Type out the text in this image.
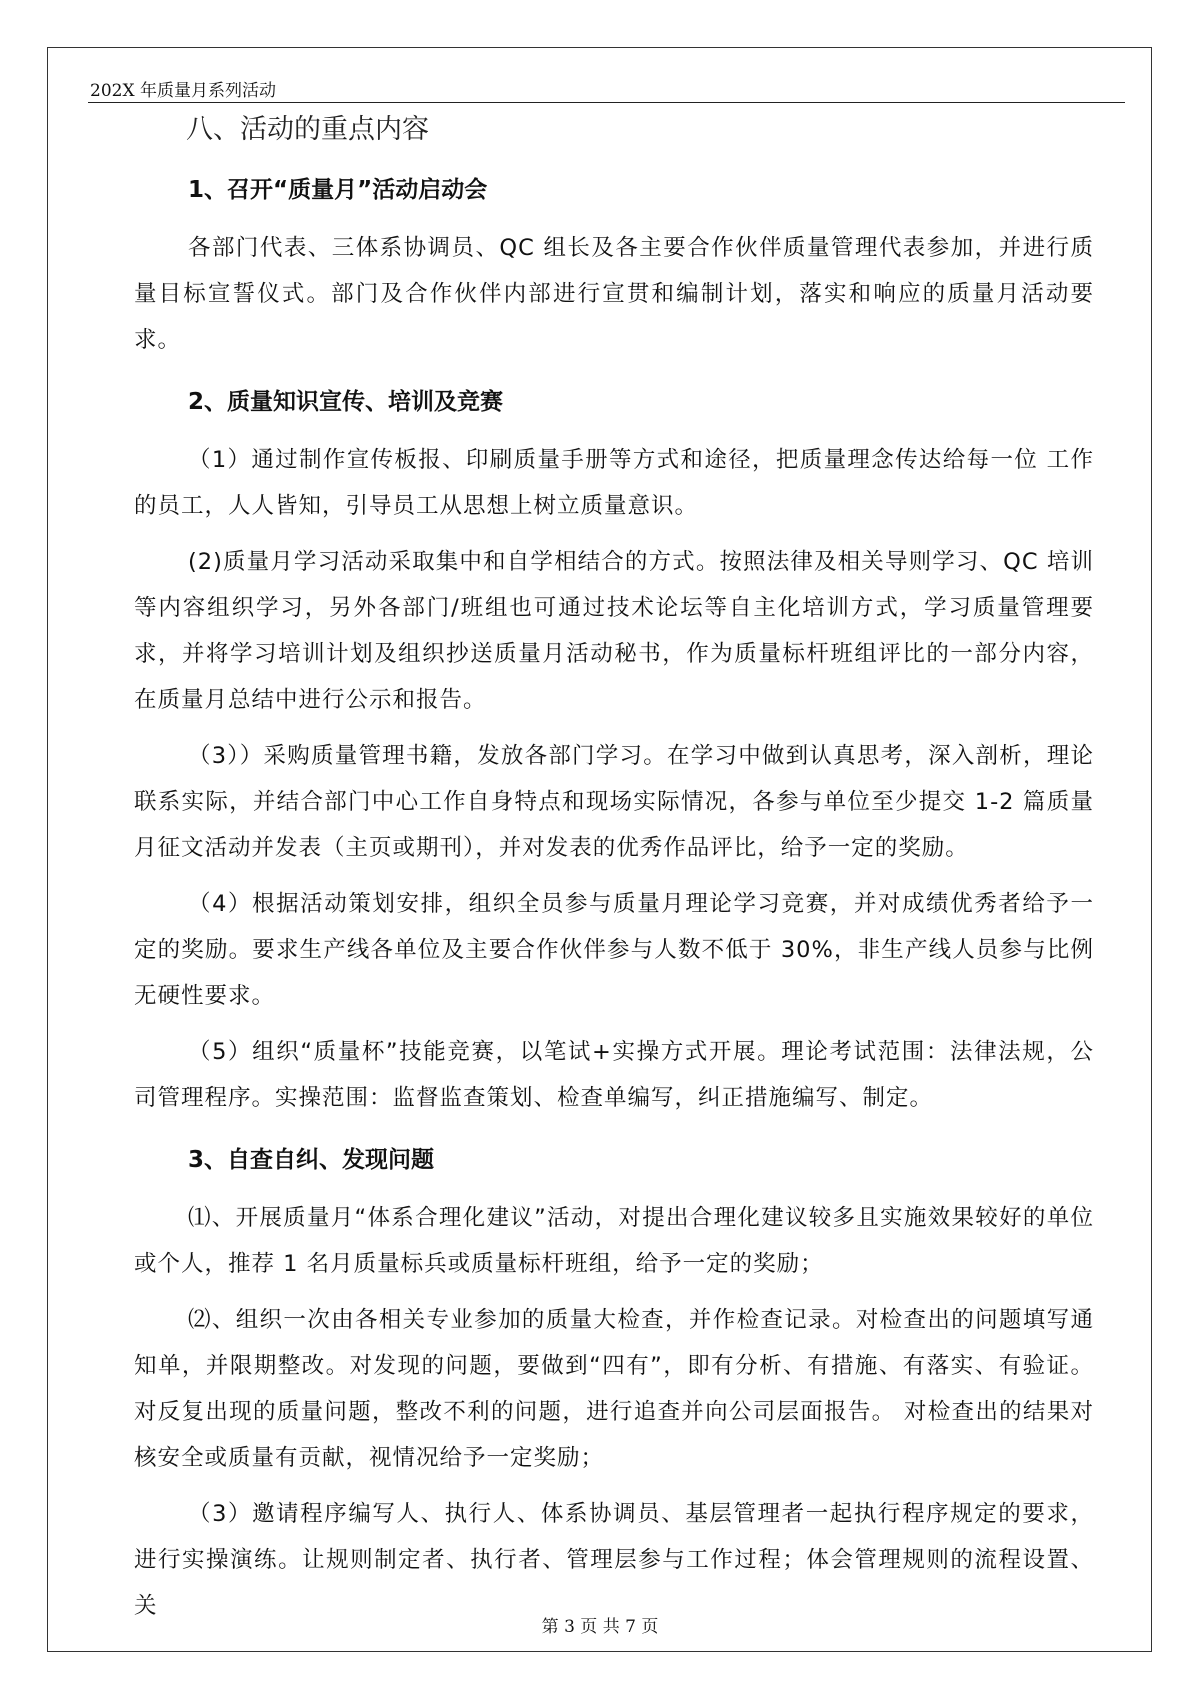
202X 年质量月系列活动
八、活动的重点内容
1、召开“质量月”活动启动会

各部门代表、三体系协调员、QC 组长及各主要合作伙伴质量管理代表参加，并进行质量目标宣誓仪式。部门及合作伙伴内部进行宣贯和编制计划，落实和响应的质量月活动要求。

2、质量知识宣传、培训及竞赛

（1）通过制作宣传板报、印刷质量手册等方式和途径，把质量理念传达给每一位 工作的员工，人人皆知，引导员工从思想上树立质量意识。

(2)质量月学习活动采取集中和自学相结合的方式。按照法律及相关导则学习、QC 培训等内容组织学习，另外各部门/班组也可通过技术论坛等自主化培训方式，学习质量管理要求，并将学习培训计划及组织抄送质量月活动秘书，作为质量标杆班组评比的一部分内容，在质量月总结中进行公示和报告。

（3））采购质量管理书籍，发放各部门学习。在学习中做到认真思考，深入剖析，理论联系实际，并结合部门中心工作自身特点和现场实际情况，各参与单位至少提交 1-2 篇质量月征文活动并发表（主页或期刊），并对发表的优秀作品评比，给予一定的奖励。

（4）根据活动策划安排，组织全员参与质量月理论学习竞赛，并对成绩优秀者给予一定的奖励。要求生产线各单位及主要合作伙伴参与人数不低于 30%，非生产线人员参与比例无硬性要求。

（5）组织“质量杯”技能竞赛，以笔试+实操方式开展。理论考试范围：法律法规，公司管理程序。实操范围：监督监查策划、检查单编写，纠正措施编写、制定。

3、自查自纠、发现问题

⑴、开展质量月“体系合理化建议”活动，对提出合理化建议较多且实施效果较好的单位或个人，推荐 1 名月质量标兵或质量标杆班组，给予一定的奖励；

⑵、组织一次由各相关专业参加的质量大检查，并作检查记录。对检查出的问题填写通知单，并限期整改。对发现的问题，要做到“四有”，即有分析、有措施、有落实、有验证。对反复出现的质量问题，整改不利的问题，进行追查并向公司层面报告。 对检查出的结果对核安全或质量有贡献，视情况给予一定奖励；

（3）邀请程序编写人、执行人、体系协调员、基层管理者一起执行程序规定的要求，进行实操演练。让规则制定者、执行者、管理层参与工作过程；体会管理规则的流程设置、关

第 3 页 共 7 页
